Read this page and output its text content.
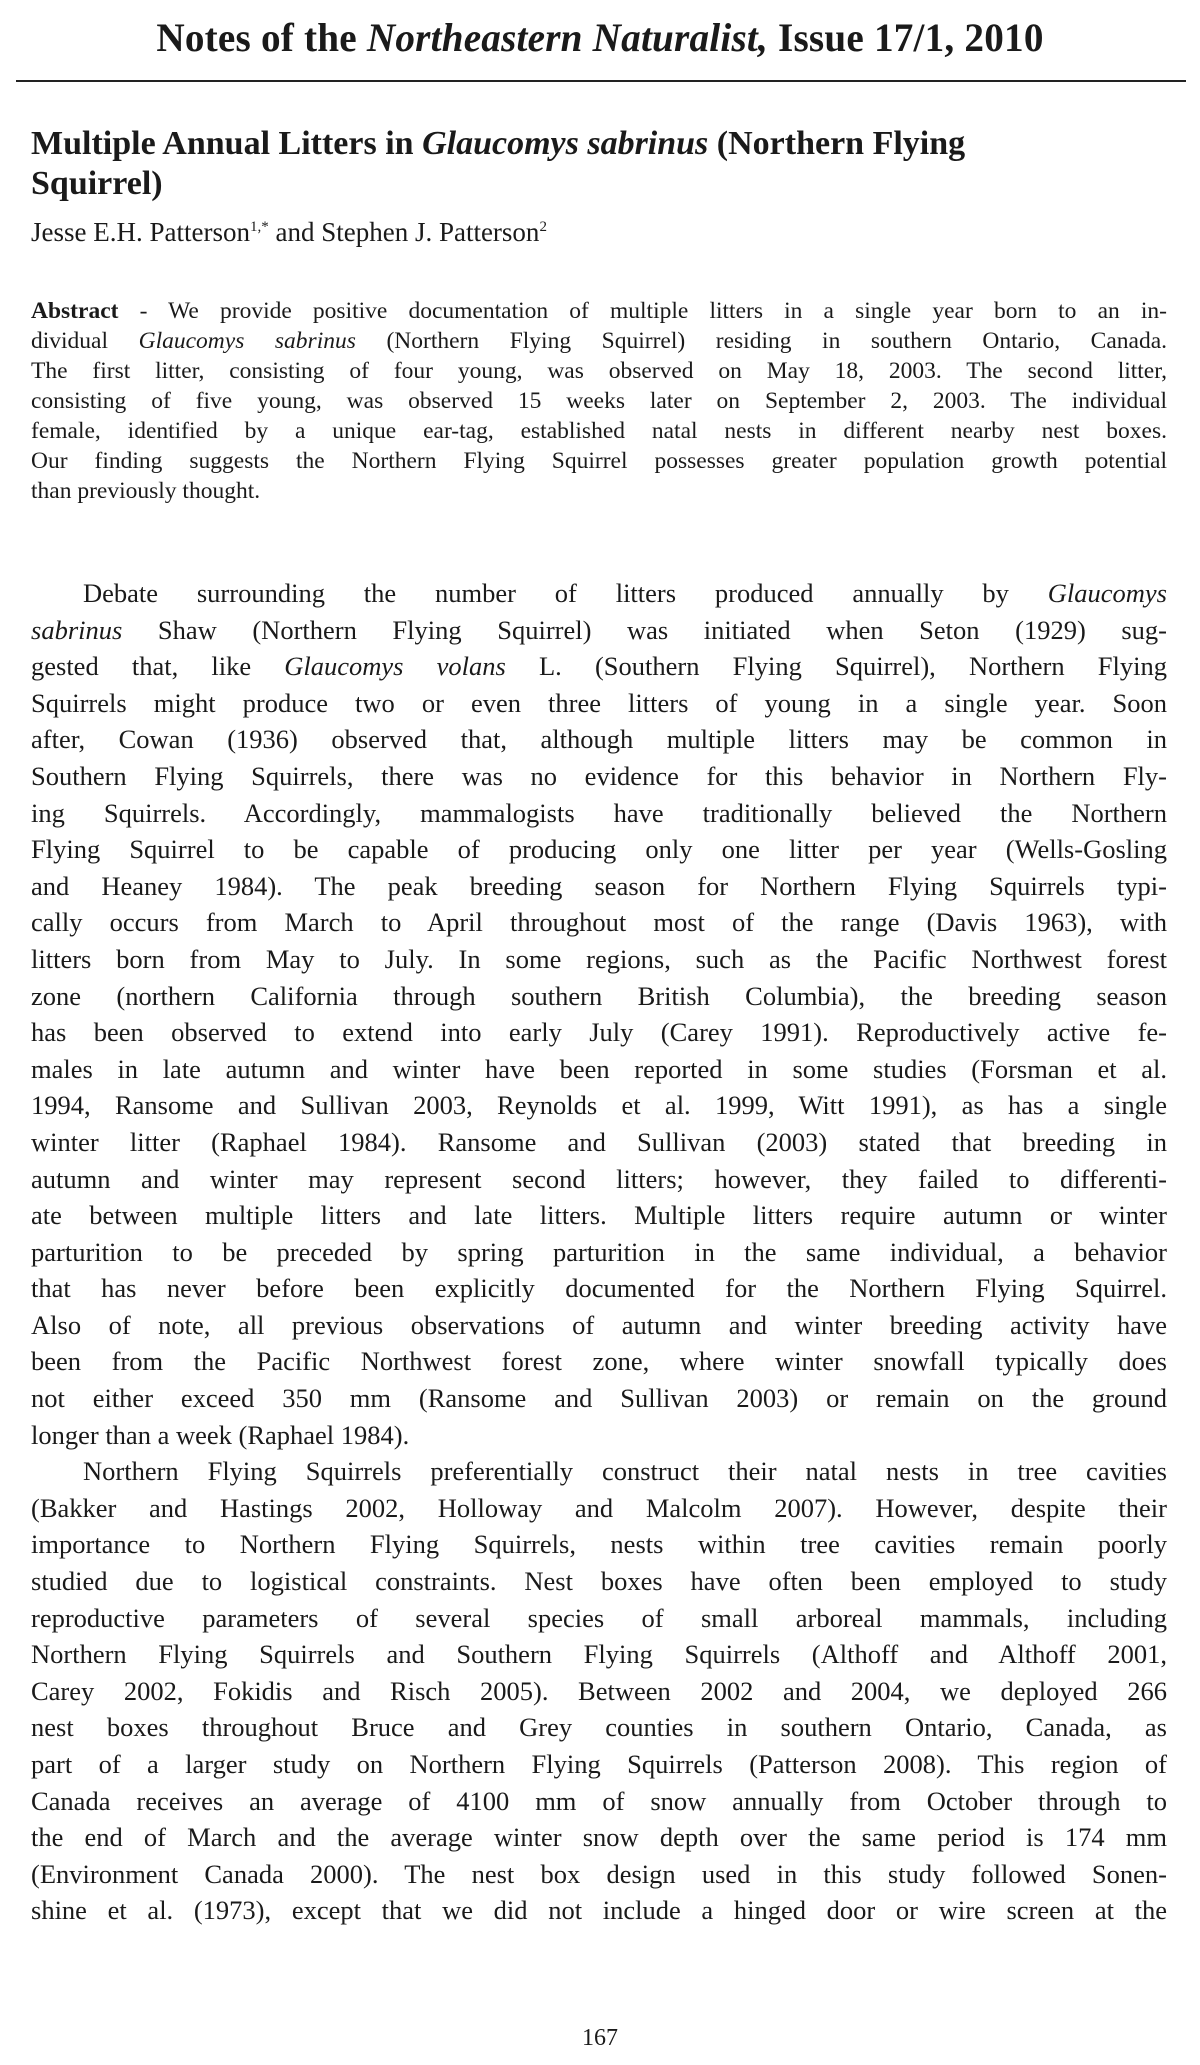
Notes of the Northeastern Naturalist, Issue 17/1, 2010
Multiple Annual Litters in Glaucomys sabrinus (Northern Flying
Squirrel)
Jesse E.H. Patterson$^{1,*}$ and Stephen J. Patterson$^2$
Abstract - We provide positive documentation of multiple litters in a single year born to an in-
dividual Glaucomys sabrinus (Northern Flying Squirrel) residing in southern Ontario, Canada.
The first litter, consisting of four young, was observed on May 18, 2003. The second litter,
consisting of five young, was observed 15 weeks later on September 2, 2003. The individual
female, identified by a unique ear-tag, established natal nests in different nearby nest boxes.
Our finding suggests the Northern Flying Squirrel possesses greater population growth potential
than previously thought.
Debate surrounding the number of litters produced annually by Glaucomys
sabrinus Shaw (Northern Flying Squirrel) was initiated when Seton (1929) sug-
gested that, like Glaucomys volans L. (Southern Flying Squirrel), Northern Flying
Squirrels might produce two or even three litters of young in a single year. Soon
after, Cowan (1936) observed that, although multiple litters may be common in
Southern Flying Squirrels, there was no evidence for this behavior in Northern Fly-
ing Squirrels. Accordingly, mammalogists have traditionally believed the Northern
Flying Squirrel to be capable of producing only one litter per year (Wells-Gosling
and Heaney 1984). The peak breeding season for Northern Flying Squirrels typi-
cally occurs from March to April throughout most of the range (Davis 1963), with
litters born from May to July. In some regions, such as the Pacific Northwest forest
zone (northern California through southern British Columbia), the breeding season
has been observed to extend into early July (Carey 1991). Reproductively active fe-
males in late autumn and winter have been reported in some studies (Forsman et al.
1994, Ransome and Sullivan 2003, Reynolds et al. 1999, Witt 1991), as has a single
winter litter (Raphael 1984). Ransome and Sullivan (2003) stated that breeding in
autumn and winter may represent second litters; however, they failed to differenti-
ate between multiple litters and late litters. Multiple litters require autumn or winter
parturition to be preceded by spring parturition in the same individual, a behavior
that has never before been explicitly documented for the Northern Flying Squirrel.
Also of note, all previous observations of autumn and winter breeding activity have
been from the Pacific Northwest forest zone, where winter snowfall typically does
not either exceed 350 mm (Ransome and Sullivan 2003) or remain on the ground
longer than a week (Raphael 1984).
Northern Flying Squirrels preferentially construct their natal nests in tree cavities
(Bakker and Hastings 2002, Holloway and Malcolm 2007). However, despite their
importance to Northern Flying Squirrels, nests within tree cavities remain poorly
studied due to logistical constraints. Nest boxes have often been employed to study
reproductive parameters of several species of small arboreal mammals, including
Northern Flying Squirrels and Southern Flying Squirrels (Althoff and Althoff 2001,
Carey 2002, Fokidis and Risch 2005). Between 2002 and 2004, we deployed 266
nest boxes throughout Bruce and Grey counties in southern Ontario, Canada, as
part of a larger study on Northern Flying Squirrels (Patterson 2008). This region of
Canada receives an average of 4100 mm of snow annually from October through to
the end of March and the average winter snow depth over the same period is 174 mm
(Environment Canada 2000). The nest box design used in this study followed Sonen-
shine et al. (1973), except that we did not include a hinged door or wire screen at the
167
